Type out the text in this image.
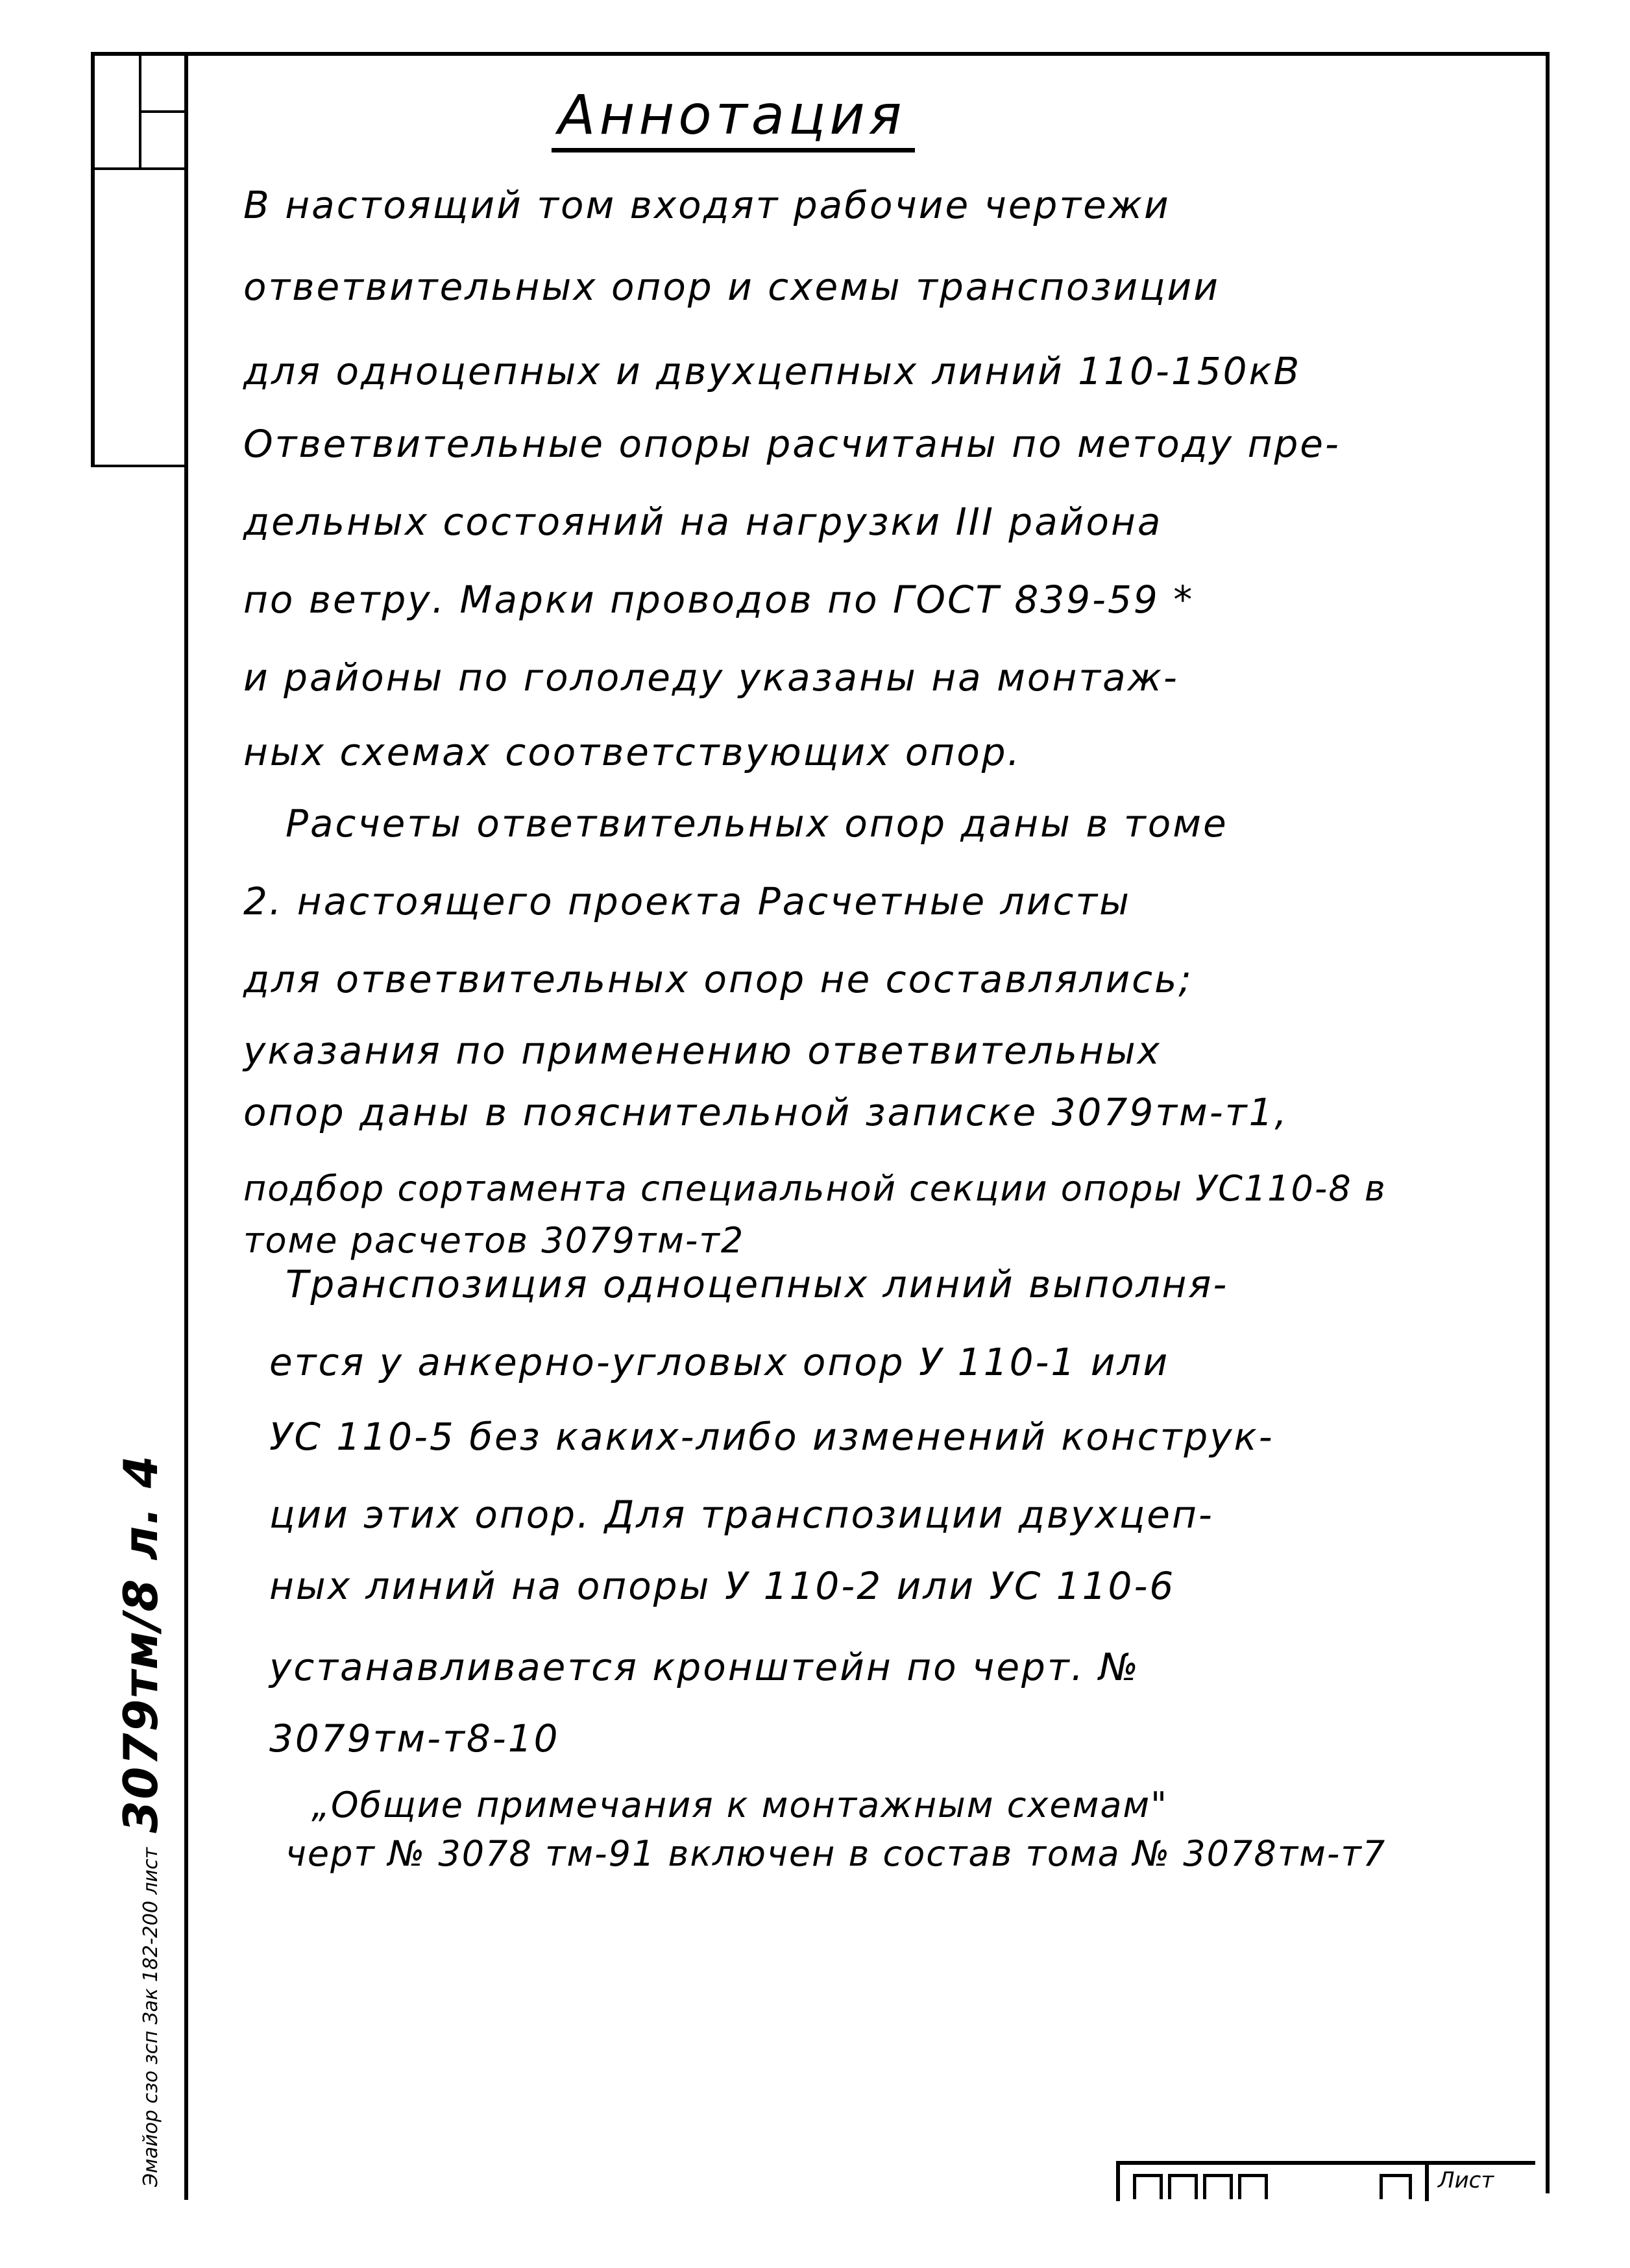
Аннотация
В настоящий том входят рабочие чертежи
ответвительных опор и схемы транспозиции
для одноцепных и двухцепных линий 110-150кВ
Ответвительные опоры расчитаны по методу пре-
дельных состояний на нагрузки III района
по ветру. Марки проводов по ГОСТ 839-59 *
и районы по гололеду указаны на монтаж-
ных схемах соответствующих опор.
Расчеты ответвительных опор даны в томе
2. настоящего проекта Расчетные листы
для ответвительных опор не составлялись;
указания по применению ответвительных
опор даны в пояснительной записке 3079тм-т1,
подбор сортамента специальной секции опоры УС110-8 в
томе расчетов 3079тм-т2
Транспозиция одноцепных линий выполня-
ется у анкерно-угловых опор У 110-1 или
УС 110-5 без каких-либо изменений конструк-
ции этих опор. Для транспозиции двухцеп-
ных линий на опоры У 110-2 или УС 110-6
устанавливается кронштейн по черт. №
3079тм-т8-10
„Общие примечания к монтажным схемам"
черт № 3078 тм-91 включен в состав тома № 3078тм-т7
Эмайор сзо зсп Зак 182-200 лист
3079тм/8 л. 4
Лист
